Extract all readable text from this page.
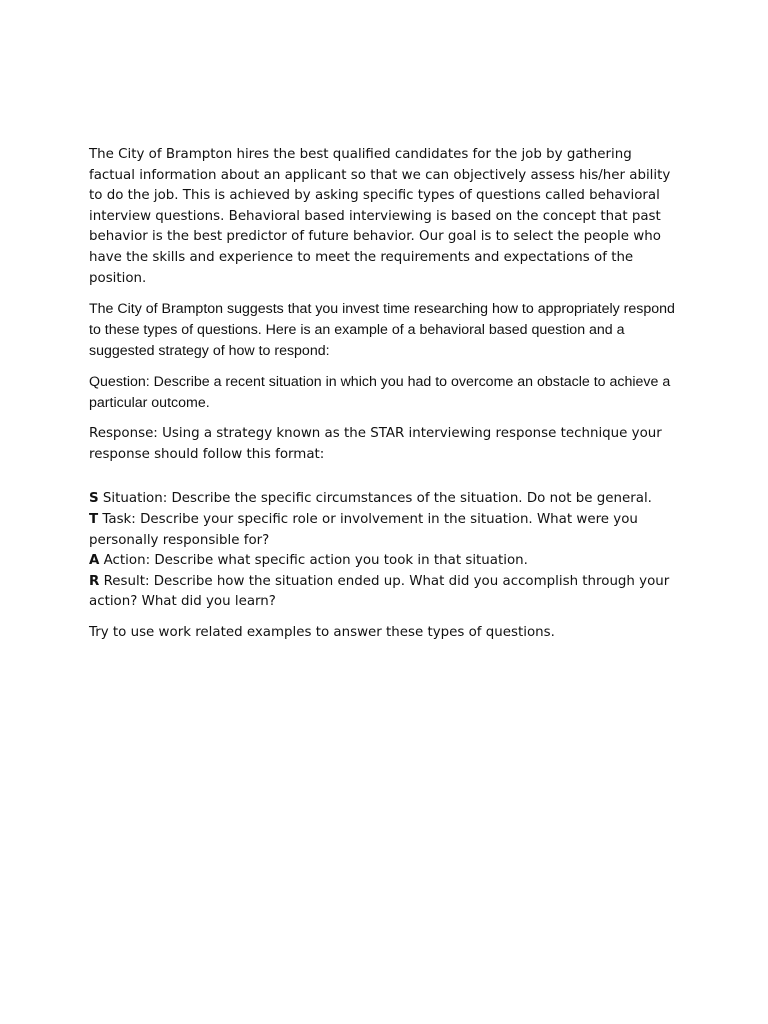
The City of Brampton hires the best qualified candidates for the job by gathering factual information about an applicant so that we can objectively assess his/her ability to do the job. This is achieved by asking specific types of questions called behavioral interview questions. Behavioral based interviewing is based on the concept that past behavior is the best predictor of future behavior. Our goal is to select the people who have the skills and experience to meet the requirements and expectations of the position.

The City of Brampton suggests that you invest time researching how to appropriately respond to these types of questions. Here is an example of a behavioral based question and a suggested strategy of how to respond:

Question: Describe a recent situation in which you had to overcome an obstacle to achieve a particular outcome.

Response: Using a strategy known as the STAR interviewing response technique your response should follow this format:

S Situation: Describe the specific circumstances of the situation. Do not be general.
T Task: Describe your specific role or involvement in the situation. What were you personally responsible for?
A Action: Describe what specific action you took in that situation.
R Result: Describe how the situation ended up. What did you accomplish through your action? What did you learn?

Try to use work related examples to answer these types of questions.
